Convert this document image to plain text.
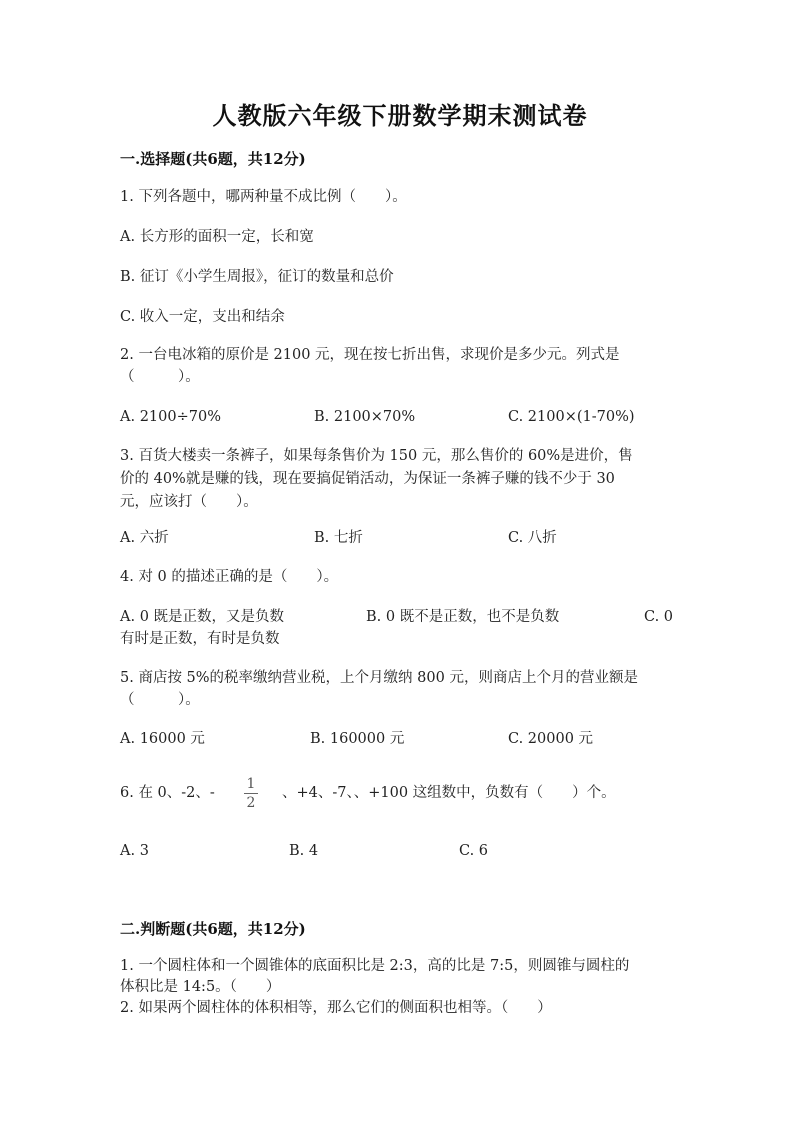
人教版六年级下册数学期末测试卷
一.选择题(共6题，共12分)
1. 下列各题中，哪两种量不成比例（　　）。
A. 长方形的面积一定，长和宽
B. 征订《小学生周报》，征订的数量和总价
C. 收入一定，支出和结余
2. 一台电冰箱的原价是 2100 元，现在按七折出售，求现价是多少元。列式是
（　　　）。
A. 2100÷70%	B. 2100×70%	C. 2100×(1-70%)
3. 百货大楼卖一条裤子，如果每条售价为 150 元，那么售价的 60%是进价，售
价的 40%就是赚的钱，现在要搞促销活动，为保证一条裤子赚的钱不少于 30
元，应该打（　　）。
A. 六折	B. 七折	C. 八折
4. 对 0 的描述正确的是（　　）。
A. 0 既是正数，又是负数	B. 0 既不是正数，也不是负数	C. 0
有时是正数，有时是负数
5. 商店按 5%的税率缴纳营业税，上个月缴纳 800 元，则商店上个月的营业额是
（　　　）。
A. 16000 元	B. 160000 元	C. 20000 元
6. 在 0、-2、-
1
2
、+4、-7、、+100 这组数中，负数有（　　）个。
A. 3	B. 4	C. 6
二.判断题(共6题，共12分)
1. 一个圆柱体和一个圆锥体的底面积比是 2:3，高的比是 7:5，则圆锥与圆柱的
体积比是 14:5。（　　）
2. 如果两个圆柱体的体积相等，那么它们的侧面积也相等。（　　）
